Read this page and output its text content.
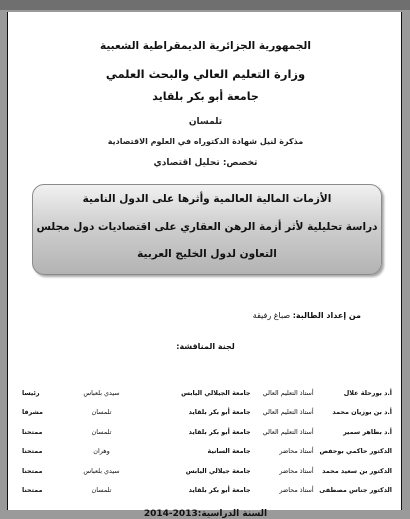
الجمهورية الجزائرية الديمقراطية الشعبية
وزارة التعليم العالي والبحث العلمي
جامعة أبو بكر بلقايد
تلمسان
مذكرة لنيل شهادة الدكتوراه في العلوم الاقتصادية
تخصص: تحليل اقتصادي
الأزمات المالية العالمية وأثرها على الدول النامية
دراسة تحليلية لأثر أزمة الرهن العقاري على اقتصاديات دول مجلس
التعاون لدول الخليج العربية
من إعداد الطالبة: صباغ رفيقة
لجنة المناقشة:
أ.د بورحلة علال	أستاذ التعليم العالي	جامعة الجيلالي اليابس	سيدي بلعباس	رئيسا
أ.د بن بوزيان محمد	أستاذ التعليم العالي	جامعة أبو بكر بلقايد	تلمسان	مشرفا
أ.د بطاهر سمير	أستاذ التعليم العالي	جامعة أبو بكر بلقايد	تلمسان	ممتحنا
الدكتور حاكمي بوحفص	أستاذ محاضر	جامعة السانية	وهران	ممتحنا
الدكتور بن سعيد محمد	أستاذ محاضر	جامعة جيلالي اليابس	سيدي بلعباس	ممتحنا
الدكتور جناس مصطفى	أستاذ محاضر	جامعة أبو بكر بلقايد	تلمسان	ممتحنا
السنة الدراسية:2013-2014
